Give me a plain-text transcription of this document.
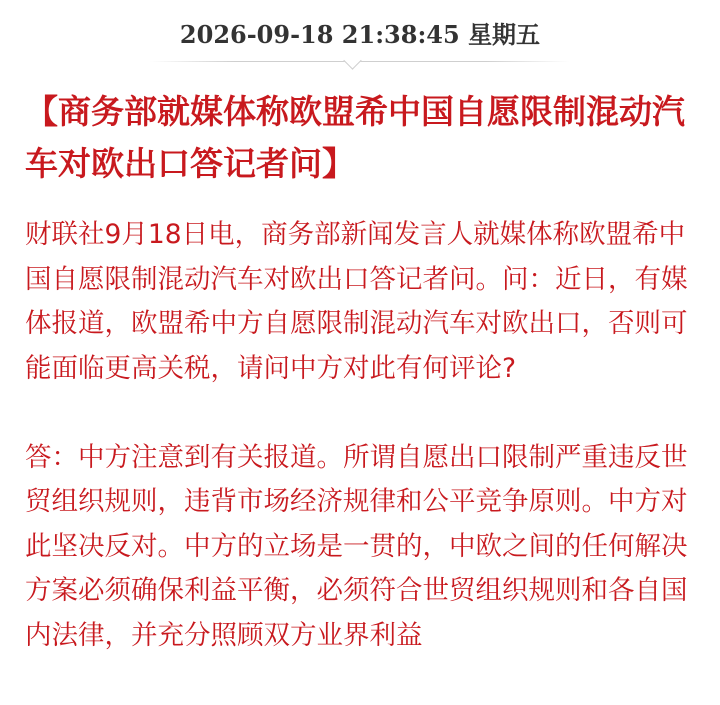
2026-09-18 21:38:45 星期五
【商务部就媒体称欧盟希中国自愿限制混动汽车对欧出口答记者问】

财联社9月18日电，商务部新闻发言人就媒体称欧盟希中国自愿限制混动汽车对欧出口答记者问。问：近日，有媒体报道，欧盟希中方自愿限制混动汽车对欧出口，否则可能面临更高关税，请问中方对此有何评论?

答：中方注意到有关报道。所谓自愿出口限制严重违反世贸组织规则，违背市场经济规律和公平竞争原则。中方对此坚决反对。中方的立场是一贯的，中欧之间的任何解决方案必须确保利益平衡，必须符合世贸组织规则和各自国内法律，并充分照顾双方业界利益
